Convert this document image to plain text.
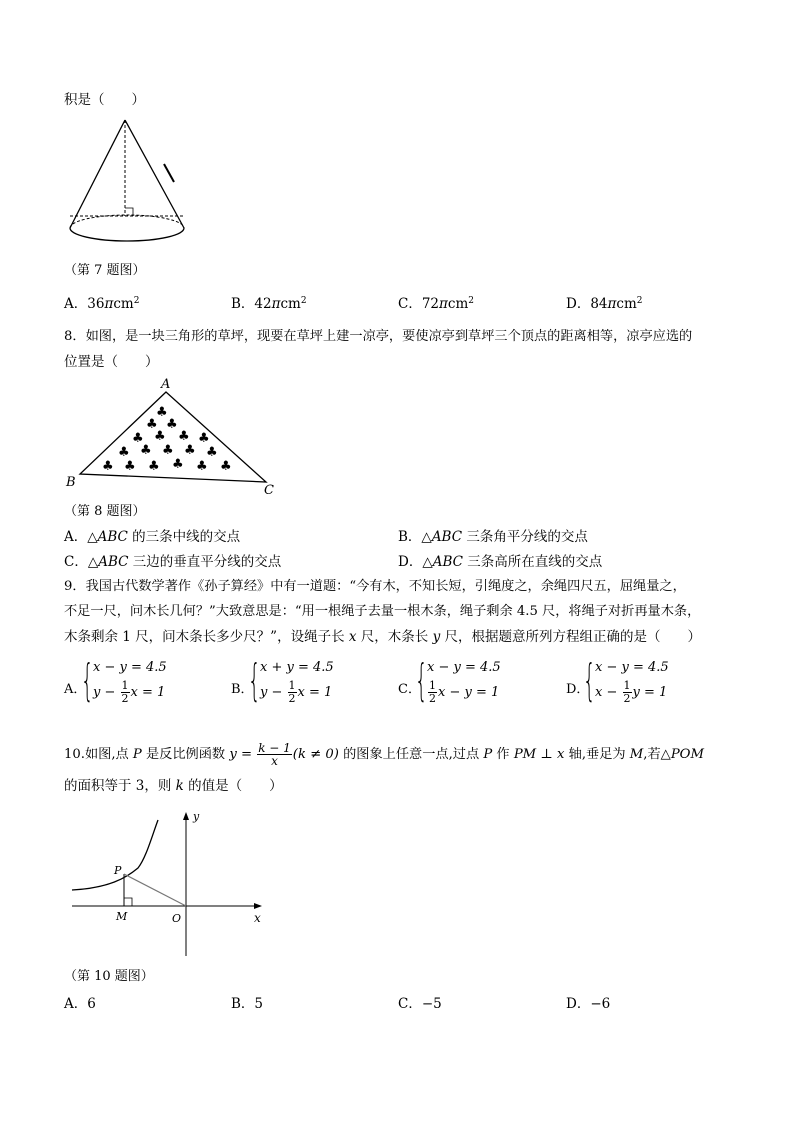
积是（　　）
（第 7 题图）
A．36πcm$^2$	B．42πcm$^2$	C．72πcm$^2$	D．84πcm$^2$
8．如图，是一块三角形的草坪，现要在草坪上建一凉亭，要使凉亭到草坪三个顶点的距离相等，凉亭应选的
位置是（　　）
♣
♣ ♣
♣ ♣ ♣ ♣
♣ ♣ ♣ ♣ ♣
♣ ♣ ♣ ♣ ♣ ♣
A
B
C
（第 8 题图）
A．△ABC 的三条中线的交点	B．△ABC 三条角平分线的交点
C．△ABC 三边的垂直平分线的交点	D．△ABC 三条高所在直线的交点
9．我国古代数学著作《孙子算经》中有一道题：“今有木，不知长短，引绳度之，余绳四尺五，屈绳量之，
不足一尺，问木长几何？”大致意思是：“用一根绳子去量一根木条，绳子剩余 4.5 尺，将绳子对折再量木条，
木条剩余 1 尺，问木条长多少尺？”，设绳子长 x 尺，木条长 y 尺，根据题意所列方程组正确的是（　　）
A．
{ x − y = 4.5
$y - \frac{1}{2}$ x = 1	B．
{ x + y = 4.5
$y - \frac{1}{2}$ x = 1	C．
{ x − y = 4.5
$\frac{1}{2}$ x − y = 1	D．
{ x − y = 4.5
$x - \frac{1}{2}$ y = 1
10.如图,点 P 是反比例函数 $y = \frac{k - 1}{x} (k \ne 0)$ 的图象上任意一点,过点 P 作 PM ⊥ x 轴,垂足为 M,若△POM
的面积等于 3，则 k 的值是（　　）
y
x
P
M	O
（第 10 题图）
A．6	B．5	C．−5	D．−6
